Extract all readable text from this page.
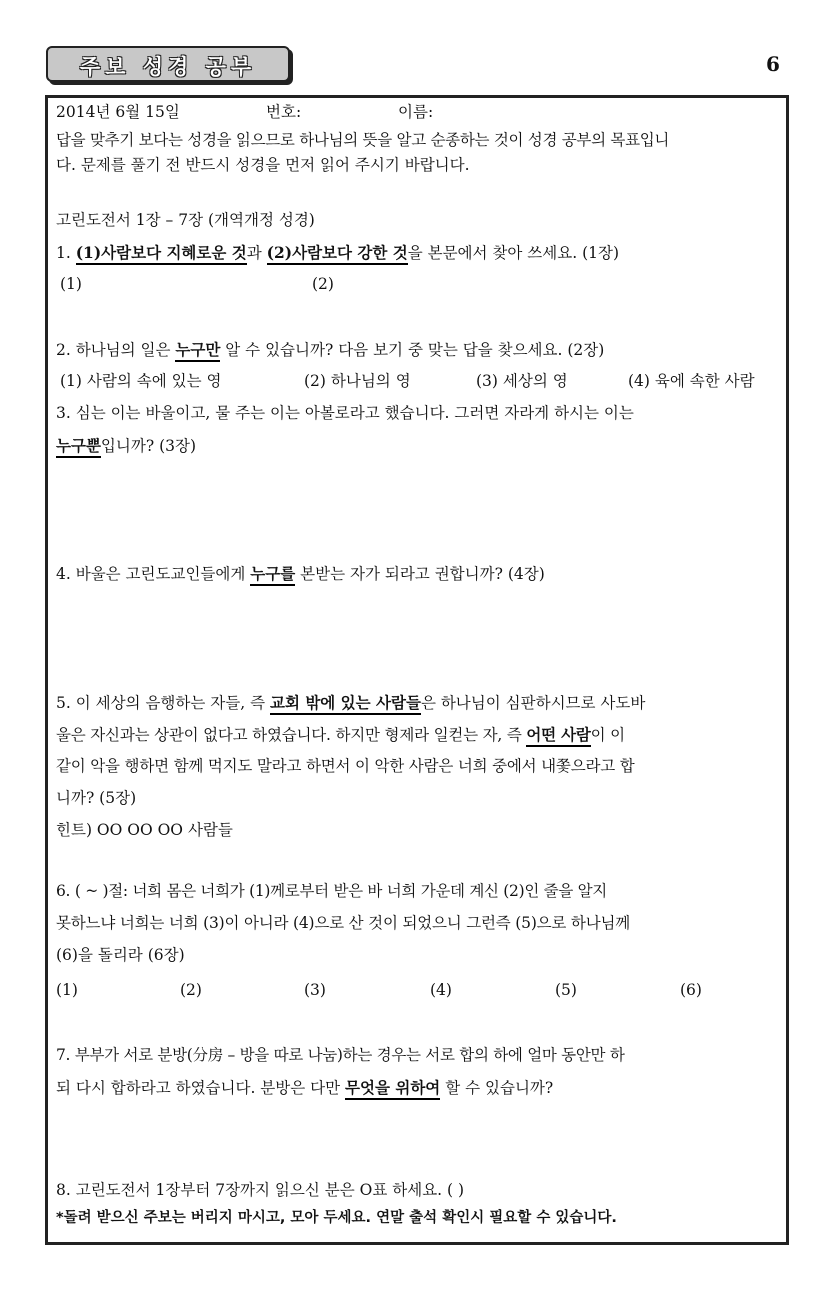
주보 성경 공부	6
2014년 6월 15일	번호:	이름:
답을 맞추기 보다는 성경을 읽으므로 하나님의 뜻을 알고 순종하는 것이 성경 공부의 목표입니
다. 문제를 풀기 전 반드시 성경을 먼저 읽어 주시기 바랍니다.
고린도전서 1장 – 7장 (개역개정 성경)
1. (1)사람보다 지혜로운 것과 (2)사람보다 강한 것을 본문에서 찾아 쓰세요. (1장)
(1)	(2)
2. 하나님의 일은 누구만 알 수 있습니까? 다음 보기 중 맞는 답을 찾으세요. (2장)
(1) 사람의 속에 있는 영	(2) 하나님의 영	(3) 세상의 영	(4) 육에 속한 사람
3. 심는 이는 바울이고, 물 주는 이는 아볼로라고 했습니다. 그러면 자라게 하시는 이는
누구뿐입니까? (3장)
4. 바울은 고린도교인들에게 누구를 본받는 자가 되라고 권합니까? (4장)
5. 이 세상의 음행하는 자들, 즉 교회 밖에 있는 사람들은 하나님이 심판하시므로 사도바
울은 자신과는 상관이 없다고 하였습니다. 하지만 형제라 일컫는 자, 즉 어떤 사람이 이
같이 악을 행하면 함께 먹지도 말라고 하면서 이 악한 사람은 너희 중에서 내쫓으라고 합
니까? (5장)
힌트) OO OO OO 사람들
6. ( ~ )절: 너희 몸은 너희가 (1)께로부터 받은 바 너희 가운데 계신 (2)인 줄을 알지
못하느냐 너희는 너희 (3)이 아니라 (4)으로 산 것이 되었으니 그런즉 (5)으로 하나님께
(6)을 돌리라 (6장)
(1)	(2)	(3)	(4)	(5)	(6)
7. 부부가 서로 분방(分房 – 방을 따로 나눔)하는 경우는 서로 합의 하에 얼마 동안만 하
되 다시 합하라고 하였습니다. 분방은 다만 무엇을 위하여 할 수 있습니까?
8. 고린도전서 1장부터 7장까지 읽으신 분은 O표 하세요. ( )
*돌려 받으신 주보는 버리지 마시고, 모아 두세요. 연말 출석 확인시 필요할 수 있습니다.
